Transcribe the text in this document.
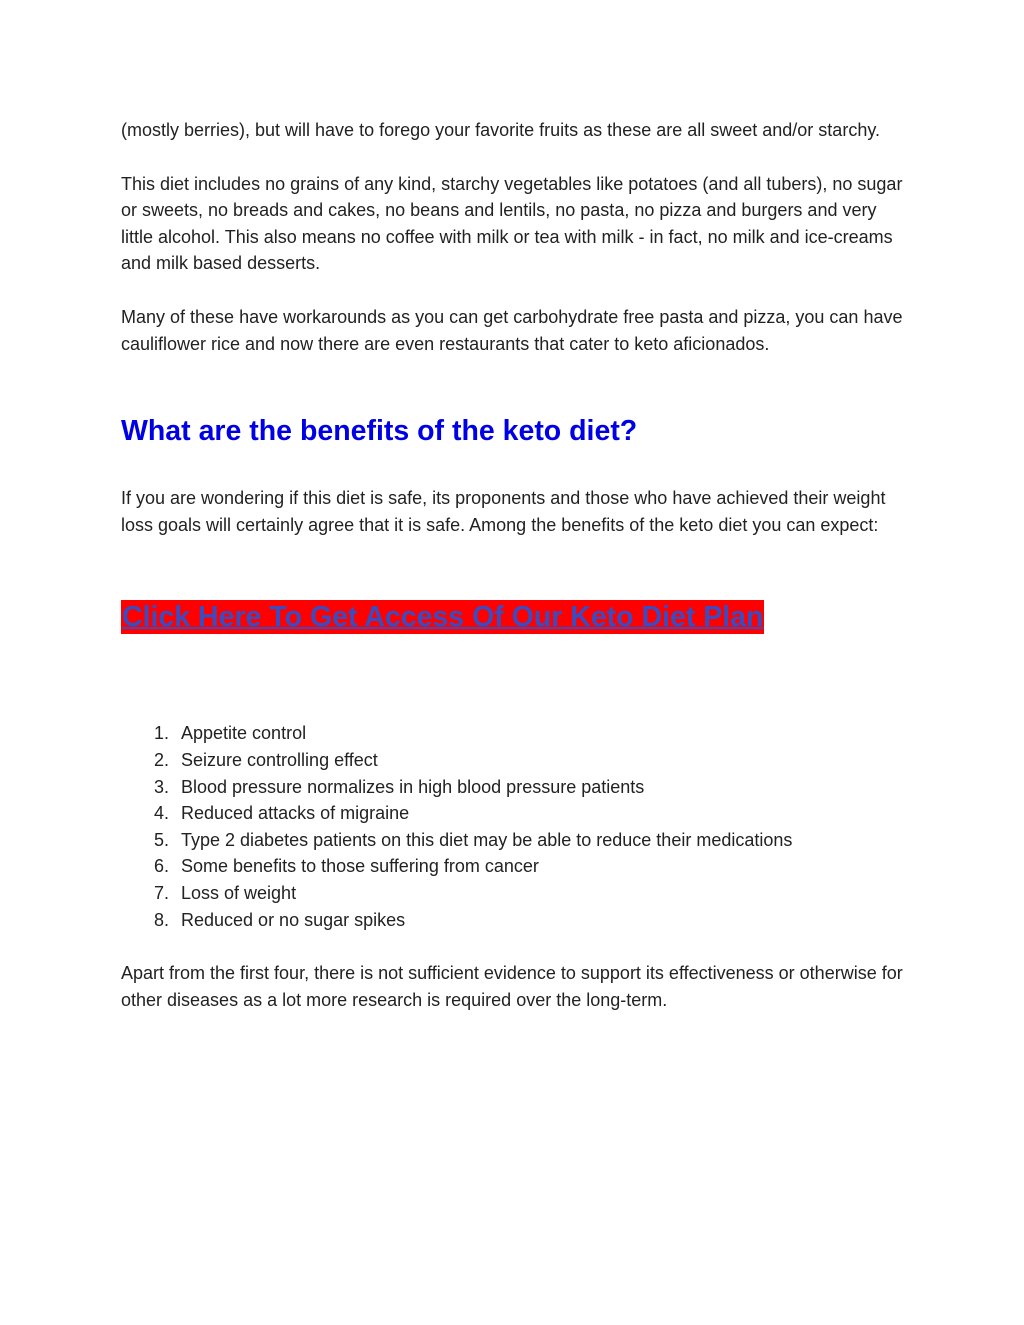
(mostly berries), but will have to forego your favorite fruits as these are all sweet and/or starchy.

This diet includes no grains of any kind, starchy vegetables like potatoes (and all tubers), no sugar or sweets, no breads and cakes, no beans and lentils, no pasta, no pizza and burgers and very little alcohol. This also means no coffee with milk or tea with milk - in fact, no milk and ice-creams and milk based desserts.

Many of these have workarounds as you can get carbohydrate free pasta and pizza, you can have cauliflower rice and now there are even restaurants that cater to keto aficionados.

What are the benefits of the keto diet?

If you are wondering if this diet is safe, its proponents and those who have achieved their weight loss goals will certainly agree that it is safe. Among the benefits of the keto diet you can expect:

Click Here To Get Access Of Our Keto Diet Plan

Appetite control
Seizure controlling effect
Blood pressure normalizes in high blood pressure patients
Reduced attacks of migraine
Type 2 diabetes patients on this diet may be able to reduce their medications
Some benefits to those suffering from cancer
Loss of weight
Reduced or no sugar spikes

Apart from the first four, there is not sufficient evidence to support its effectiveness or otherwise for other diseases as a lot more research is required over the long-term.
